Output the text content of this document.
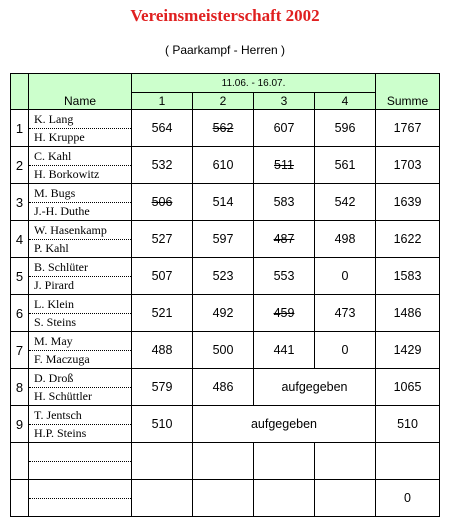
Vereinsmeisterschaft 2002
( Paarkampf - Herren )
	Name	11.06. - 16.07.				Summe
		1	2	3	4	
1	K. Lang
H. Kruppe	564	562	607	596	1767
2	C. Kahl
H. Borkowitz	532	610	511	561	1703
3	M. Bugs
J.-H. Duthe	506	514	583	542	1639
4	W. Hasenkamp
P. Kahl	527	597	487	498	1622
5	B. Schlüter
J. Pirard	507	523	553	0	1583
6	L. Klein
S. Steins	521	492	459	473	1486
7	M. May
F. Maczuga	488	500	441	0	1429
8	D. Droß
H. Schüttler	579	486	aufgegeben		1065
9	T. Jentsch
H.P. Steins	510	aufgegeben			510

					0
